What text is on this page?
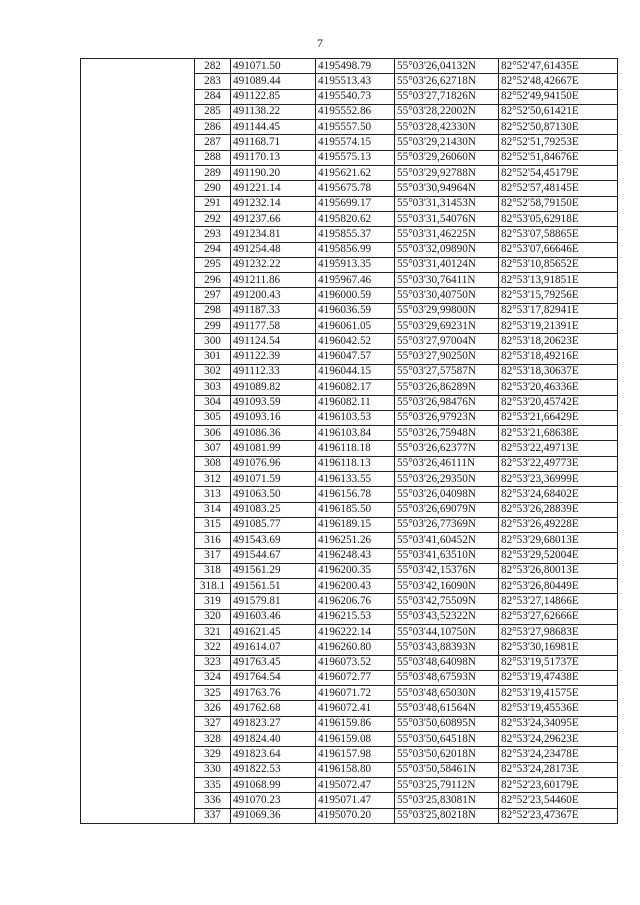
7
	282	491071.50	4195498.79	55°03'26,04132N	82°52'47,61435E
	283	491089.44	4195513.43	55°03'26,62718N	82°52'48,42667E
	284	491122.85	4195540.73	55°03'27,71826N	82°52'49,94150E
	285	491138.22	4195552.86	55°03'28,22002N	82°52'50,61421E
	286	491144.45	4195557.50	55°03'28,42330N	82°52'50,87130E
	287	491168.71	4195574.15	55°03'29,21430N	82°52'51,79253E
	288	491170.13	4195575.13	55°03'29,26060N	82°52'51,84676E
	289	491190.20	4195621.62	55°03'29,92788N	82°52'54,45179E
	290	491221.14	4195675.78	55°03'30,94964N	82°52'57,48145E
	291	491232.14	4195699.17	55°03'31,31453N	82°52'58,79150E
	292	491237.66	4195820.62	55°03'31,54076N	82°53'05,62918E
	293	491234.81	4195855.37	55°03'31,46225N	82°53'07,58865E
	294	491254.48	4195856.99	55°03'32,09890N	82°53'07,66646E
	295	491232.22	4195913.35	55°03'31,40124N	82°53'10,85652E
	296	491211.86	4195967.46	55°03'30,76411N	82°53'13,91851E
	297	491200.43	4196000.59	55°03'30,40750N	82°53'15,79256E
	298	491187.33	4196036.59	55°03'29,99800N	82°53'17,82941E
	299	491177.58	4196061.05	55°03'29,69231N	82°53'19,21391E
	300	491124.54	4196042.52	55°03'27,97004N	82°53'18,20623E
	301	491122.39	4196047.57	55°03'27,90250N	82°53'18,49216E
	302	491112.33	4196044.15	55°03'27,57587N	82°53'18,30637E
	303	491089.82	4196082.17	55°03'26,86289N	82°53'20,46336E
	304	491093.59	4196082.11	55°03'26,98476N	82°53'20,45742E
	305	491093.16	4196103.53	55°03'26,97923N	82°53'21,66429E
	306	491086.36	4196103.84	55°03'26,75948N	82°53'21,68638E
	307	491081.99	4196118.18	55°03'26,62377N	82°53'22,49713E
	308	491076.96	4196118.13	55°03'26,46111N	82°53'22,49773E
	312	491071.59	4196133.55	55°03'26,29350N	82°53'23,36999E
	313	491063.50	4196156.78	55°03'26,04098N	82°53'24,68402E
	314	491083.25	4196185.50	55°03'26,69079N	82°53'26,28839E
	315	491085.77	4196189.15	55°03'26,77369N	82°53'26,49228E
	316	491543.69	4196251.26	55°03'41,60452N	82°53'29,68013E
	317	491544.67	4196248.43	55°03'41,63510N	82°53'29,52004E
	318	491561.29	4196200.35	55°03'42,15376N	82°53'26,80013E
	318.1	491561.51	4196200.43	55°03'42,16090N	82°53'26,80449E
	319	491579.81	4196206.76	55°03'42,75509N	82°53'27,14866E
	320	491603.46	4196215.53	55°03'43,52322N	82°53'27,62666E
	321	491621.45	4196222.14	55°03'44,10750N	82°53'27,98683E
	322	491614.07	4196260.80	55°03'43,88393N	82°53'30,16981E
	323	491763.45	4196073.52	55°03'48,64098N	82°53'19,51737E
	324	491764.54	4196072.77	55°03'48,67593N	82°53'19,47438E
	325	491763.76	4196071.72	55°03'48,65030N	82°53'19,41575E
	326	491762.68	4196072.41	55°03'48,61564N	82°53'19,45536E
	327	491823.27	4196159.86	55°03'50,60895N	82°53'24,34095E
	328	491824.40	4196159.08	55°03'50,64518N	82°53'24,29623E
	329	491823.64	4196157.98	55°03'50,62018N	82°53'24,23478E
	330	491822.53	4196158.80	55°03'50,58461N	82°53'24,28173E
	335	491068.99	4195072.47	55°03'25,79112N	82°52'23,60179E
	336	491070.23	4195071.47	55°03'25,83081N	82°52'23,54460E
	337	491069.36	4195070.20	55°03'25,80218N	82°52'23,47367E
